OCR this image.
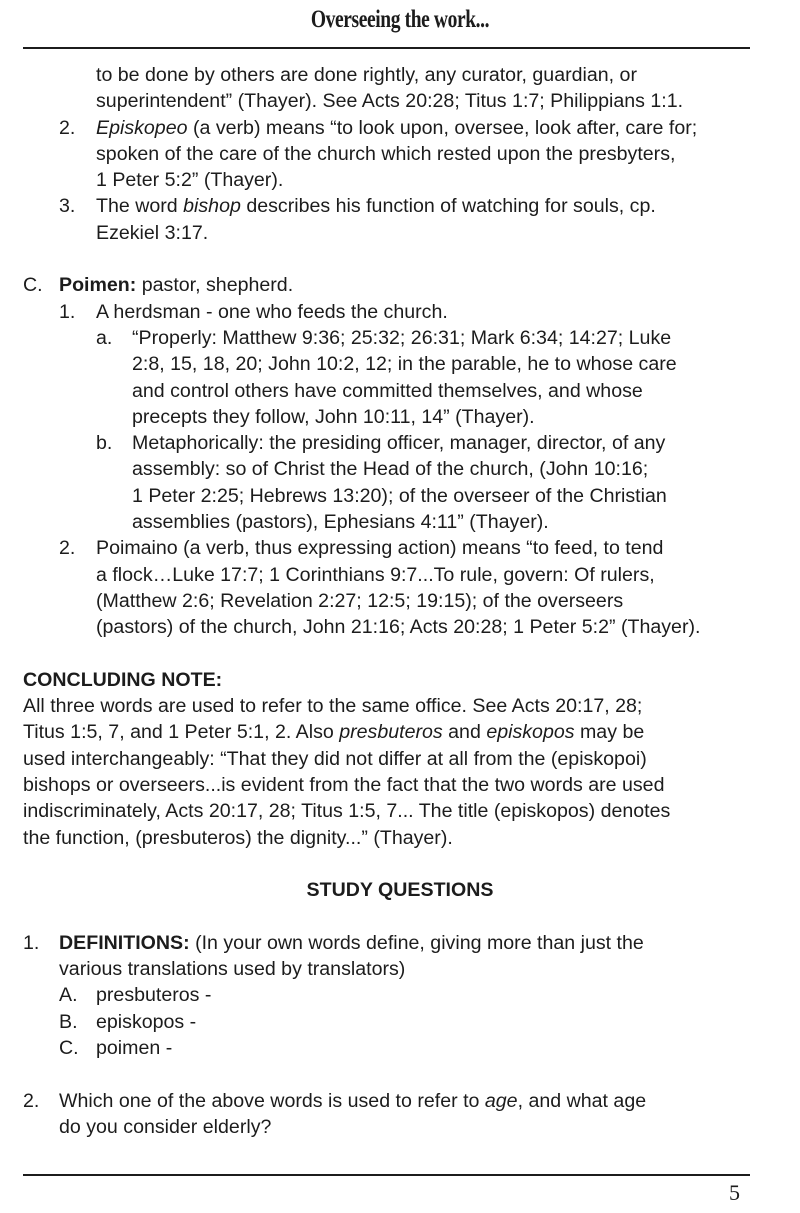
Overseeing the work...
to be done by others are done rightly, any curator, guardian, or
superintendent” (Thayer). See Acts 20:28; Titus 1:7; Philippians 1:1.
2. Episkopeo (a verb) means “to look upon, oversee, look after, care for;
spoken of the care of the church which rested upon the presbyters,
1 Peter 5:2” (Thayer).
3. The word bishop describes his function of watching for souls, cp.
Ezekiel 3:17.
C. Poimen: pastor, shepherd.
1. A herdsman - one who feeds the church.
a. “Properly: Matthew 9:36; 25:32; 26:31; Mark 6:34; 14:27; Luke
2:8, 15, 18, 20; John 10:2, 12; in the parable, he to whose care
and control others have committed themselves, and whose
precepts they follow, John 10:11, 14” (Thayer).
b. Metaphorically: the presiding officer, manager, director, of any
assembly: so of Christ the Head of the church, (John 10:16;
1 Peter 2:25; Hebrews 13:20); of the overseer of the Christian
assemblies (pastors), Ephesians 4:11” (Thayer).
2. Poimaino (a verb, thus expressing action) means “to feed, to tend
a flock…Luke 17:7; 1 Corinthians 9:7...To rule, govern: Of rulers,
(Matthew 2:6; Revelation 2:27; 12:5; 19:15); of the overseers
(pastors) of the church, John 21:16; Acts 20:28; 1 Peter 5:2” (Thayer).
CONCLUDING NOTE:
All three words are used to refer to the same office. See Acts 20:17, 28;
Titus 1:5, 7, and 1 Peter 5:1, 2. Also presbuteros and episkopos may be
used interchangeably: “That they did not differ at all from the (episkopoi)
bishops or overseers...is evident from the fact that the two words are used
indiscriminately, Acts 20:17, 28; Titus 1:5, 7... The title (episkopos) denotes
the function, (presbuteros) the dignity...” (Thayer).
STUDY QUESTIONS
1. DEFINITIONS: (In your own words define, giving more than just the
various translations used by translators)
A. presbuteros -
B. episkopos -
C. poimen -
2. Which one of the above words is used to refer to age, and what age
do you consider elderly?
5
